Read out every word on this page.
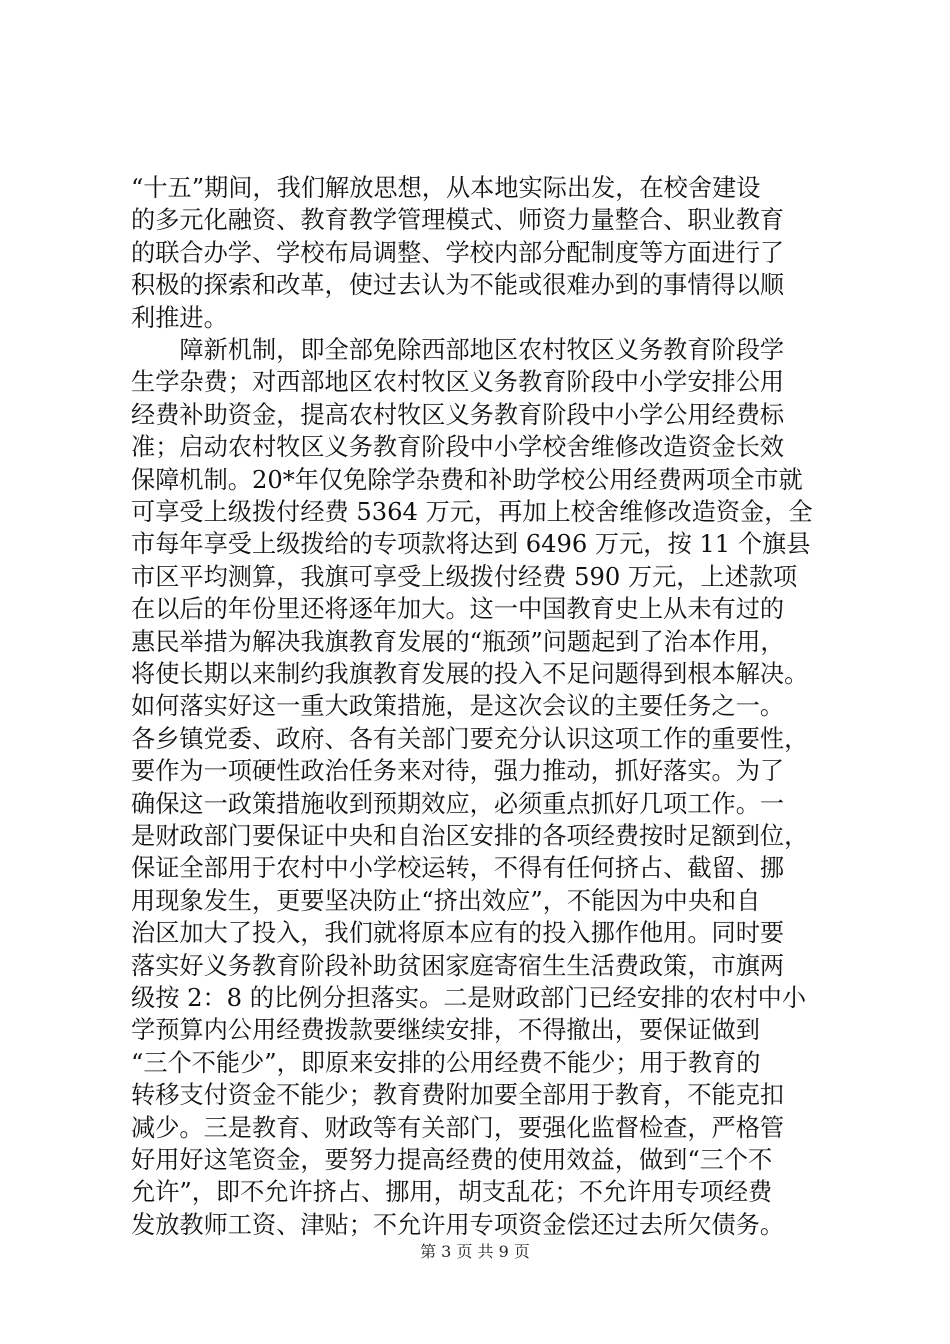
“十五”期间，我们解放思想，从本地实际出发，在校舍建设
的多元化融资、教育教学管理模式、师资力量整合、职业教育
的联合办学、学校布局调整、学校内部分配制度等方面进行了
积极的探索和改革，使过去认为不能或很难办到的事情得以顺
利推进。
　　障新机制，即全部免除西部地区农村牧区义务教育阶段学
生学杂费；对西部地区农村牧区义务教育阶段中小学安排公用
经费补助资金，提高农村牧区义务教育阶段中小学公用经费标
准；启动农村牧区义务教育阶段中小学校舍维修改造资金长效
保障机制。20*年仅免除学杂费和补助学校公用经费两项全市就
可享受上级拨付经费 5364 万元，再加上校舍维修改造资金，全
市每年享受上级拨给的专项款将达到 6496 万元，按 11 个旗县
市区平均测算，我旗可享受上级拨付经费 590 万元，上述款项
在以后的年份里还将逐年加大。这一中国教育史上从未有过的
惠民举措为解决我旗教育发展的“瓶颈”问题起到了治本作用，
将使长期以来制约我旗教育发展的投入不足问题得到根本解决。
如何落实好这一重大政策措施，是这次会议的主要任务之一。
各乡镇党委、政府、各有关部门要充分认识这项工作的重要性，
要作为一项硬性政治任务来对待，强力推动，抓好落实。为了
确保这一政策措施收到预期效应，必须重点抓好几项工作。一
是财政部门要保证中央和自治区安排的各项经费按时足额到位，
保证全部用于农村中小学校运转，不得有任何挤占、截留、挪
用现象发生，更要坚决防止“挤出效应”，不能因为中央和自
治区加大了投入，我们就将原本应有的投入挪作他用。同时要
落实好义务教育阶段补助贫困家庭寄宿生生活费政策，市旗两
级按 2：8 的比例分担落实。二是财政部门已经安排的农村中小
学预算内公用经费拨款要继续安排，不得撤出，要保证做到
“三个不能少”，即原来安排的公用经费不能少；用于教育的
转移支付资金不能少；教育费附加要全部用于教育，不能克扣
减少。三是教育、财政等有关部门，要强化监督检查，严格管
好用好这笔资金，要努力提高经费的使用效益，做到“三个不
允许”，即不允许挤占、挪用，胡支乱花；不允许用专项经费
发放教师工资、津贴；不允许用专项资金偿还过去所欠债务。
第 3 页 共 9 页
